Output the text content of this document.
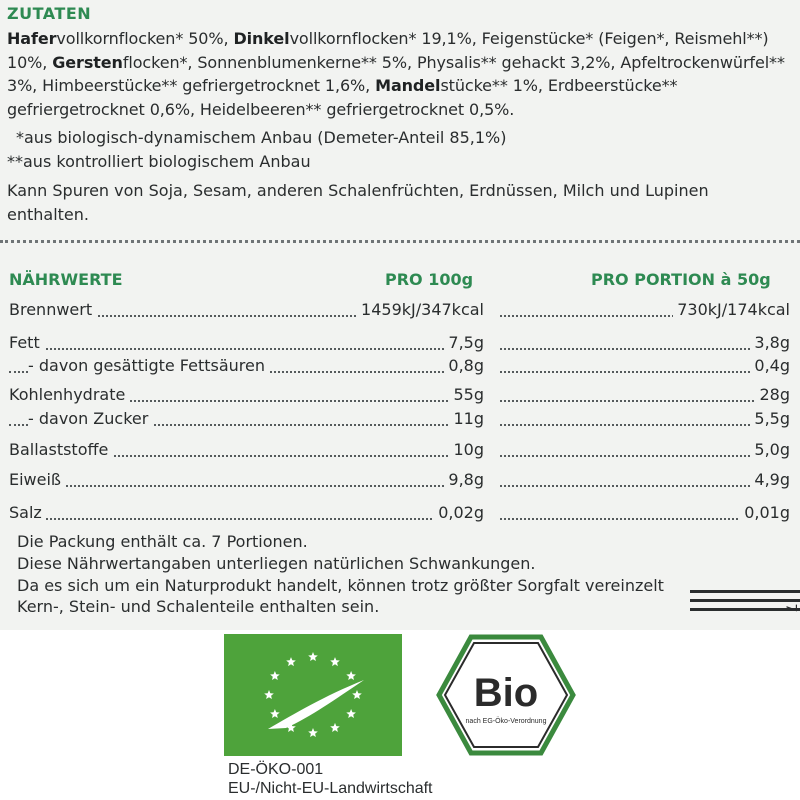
ZUTATEN
Hafervollkornflocken* 50%, Dinkelvollkornflocken* 19,1%, Feigenstücke* (Feigen*, Reismehl**) 10%, Gerstenflocken*, Sonnenblumenkerne** 5%, Physalis** gehackt 3,2%, Apfeltrockenwürfel** 3%, Himbeerstücke** gefriergetrocknet 1,6%, Mandelstücke** 1%, Erdbeerstücke** gefriergetrocknet 0,6%, Heidelbeeren** gefriergetrocknet 0,5%.
*aus biologisch-dynamischem Anbau (Demeter-Anteil 85,1%)
**aus kontrolliert biologischem Anbau
Kann Spuren von Soja, Sesam, anderen Schalenfrüchten, Erdnüssen, Milch und Lupinen enthalten.
NÄHRWERTE	PRO 100g	PRO PORTION à 50g
Brennwert	1459kJ/347kcal	730kJ/174kcal
Fett	7,5g	3,8g
- davon gesättigte Fettsäuren	0,8g	0,4g
Kohlenhydrate	55g	28g
- davon Zucker	11g	5,5g
Ballaststoffe	10g	5,0g
Eiweiß	9,8g	4,9g
Salz	0,02g	0,01g
Die Packung enthält ca. 7 Portionen.
Diese Nährwertangaben unterliegen natürlichen Schwankungen.
Da es sich um ein Naturprodukt handelt, können trotz größter Sorgfalt vereinzelt Kern-, Stein- und Schalenteile enthalten sein.	7
Bio
nach EG-Öko-Verordnung
DE-ÖKO-001
EU-/Nicht-EU-Landwirtschaft
